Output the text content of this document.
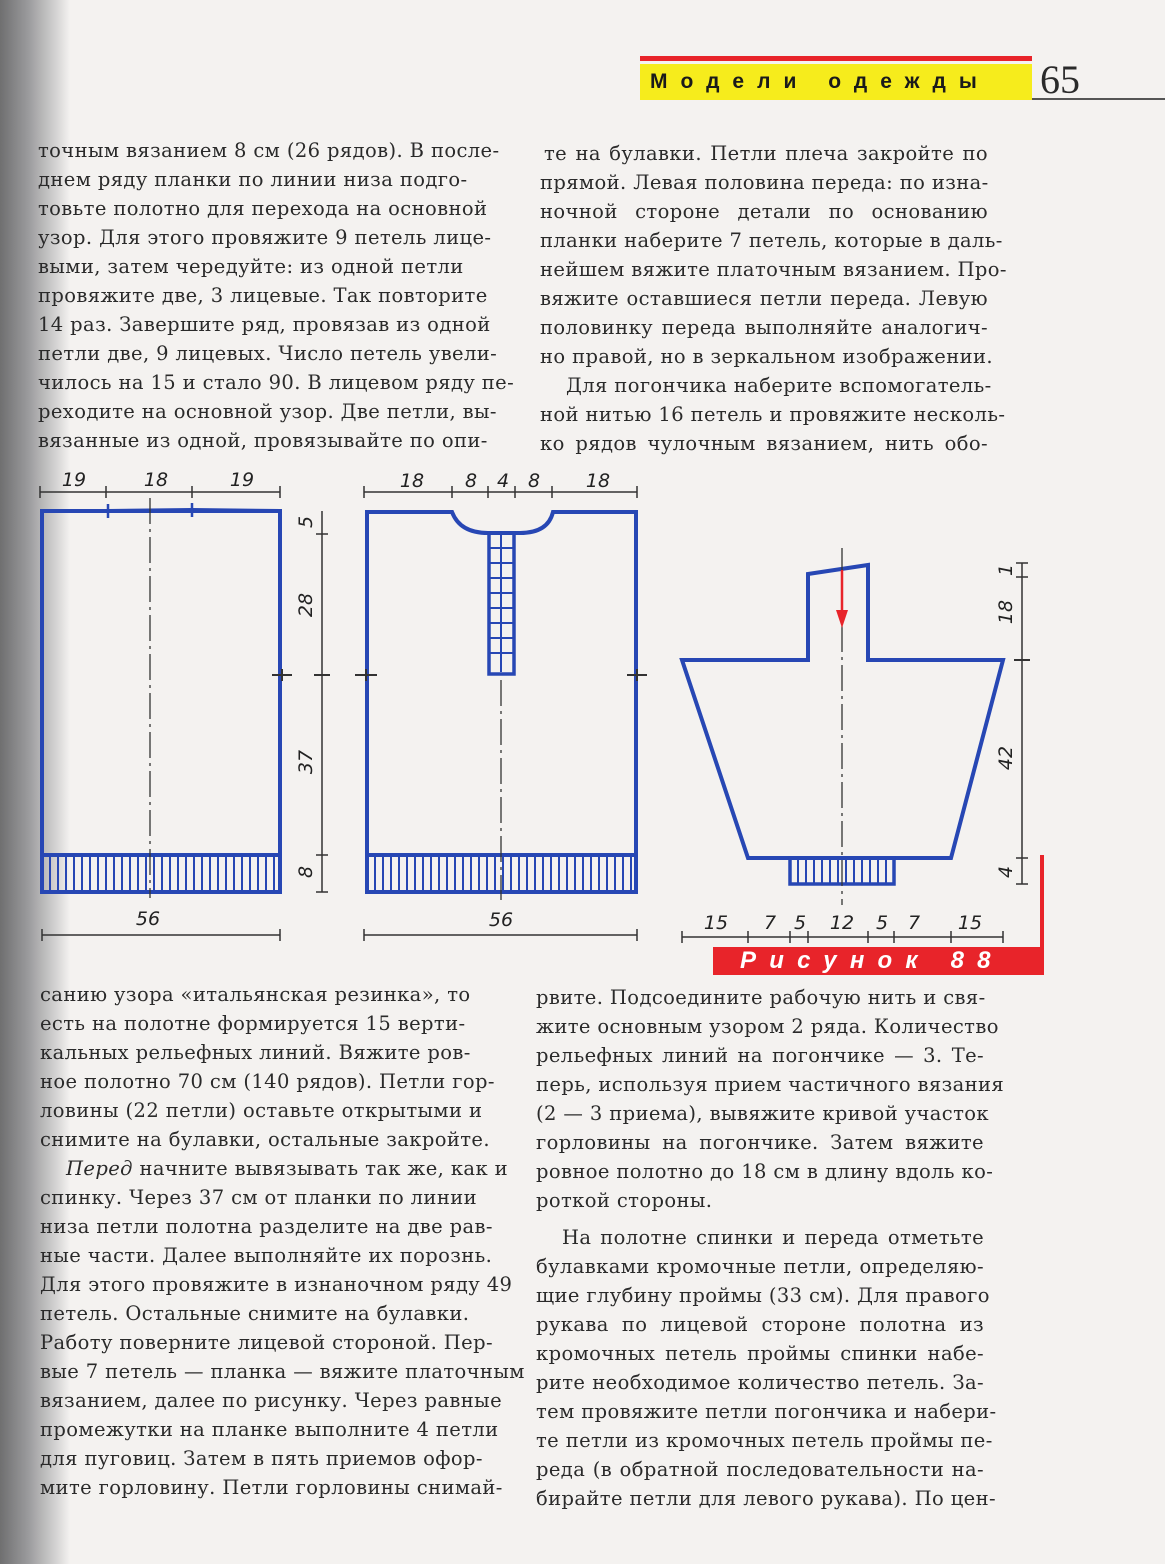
Модели одежды	65

точным вязанием 8 см (26 рядов). В после-

днем ряду планки по линии низа подго-

товьте полотно для перехода на основной

узор. Для этого провяжите 9 петель лице-

выми, затем чередуйте: из одной петли

провяжите две, 3 лицевые. Так повторите

14 раз. Завершите ряд, провязав из одной

петли две, 9 лицевых. Число петель увели-

чилось на 15 и стало 90. В лицевом ряду пе-

реходите на основной узор. Две петли, вы-

вязанные из одной, провязывайте по опи-

те на булавки. Петли плеча закройте по

прямой. Левая половина переда: по изна-

ночной стороне детали по основанию

планки наберите 7 петель, которые в даль-

нейшем вяжите платочным вязанием. Про-

вяжите оставшиеся петли переда. Левую

половинку переда выполняйте аналогич-

но правой, но в зеркальном изображении.

Для погончика наберите вспомогатель-

ной нитью 16 петель и провяжите несколь-

ко рядов чулочным вязанием, нить обо-

19	18	19
5
28
37
8
56
18 8 4 8 18
56
1
18
42
4
15 7 5 12 5 7 15
Рисунок 88

санию узора «итальянская резинка», то

есть на полотне формируется 15 верти-

кальных рельефных линий. Вяжите ров-

ное полотно 70 см (140 рядов). Петли гор-

ловины (22 петли) оставьте открытыми и

снимите на булавки, остальные закройте.

Перед начните вывязывать так же, как и

спинку. Через 37 см от планки по линии

низа петли полотна разделите на две рав-

ные части. Далее выполняйте их порознь.

Для этого провяжите в изнаночном ряду 49

петель. Остальные снимите на булавки.

Работу поверните лицевой стороной. Пер-

вые 7 петель — планка — вяжите платочным

вязанием, далее по рисунку. Через равные

промежутки на планке выполните 4 петли

для пуговиц. Затем в пять приемов офор-

мите горловину. Петли горловины снимай-

рвите. Подсоедините рабочую нить и свя-

жите основным узором 2 ряда. Количество

рельефных линий на погончике — 3. Те-

перь, используя прием частичного вязания

(2 — 3 приема), вывяжите кривой участок

горловины на погончике. Затем вяжите

ровное полотно до 18 см в длину вдоль ко-

роткой стороны.

На полотне спинки и переда отметьте

булавками кромочные петли, определяю-

щие глубину проймы (33 см). Для правого

рукава по лицевой стороне полотна из

кромочных петель проймы спинки набе-

рите необходимое количество петель. За-

тем провяжите петли погончика и набери-

те петли из кромочных петель проймы пе-

реда (в обратной последовательности на-

бирайте петли для левого рукава). По цен-
